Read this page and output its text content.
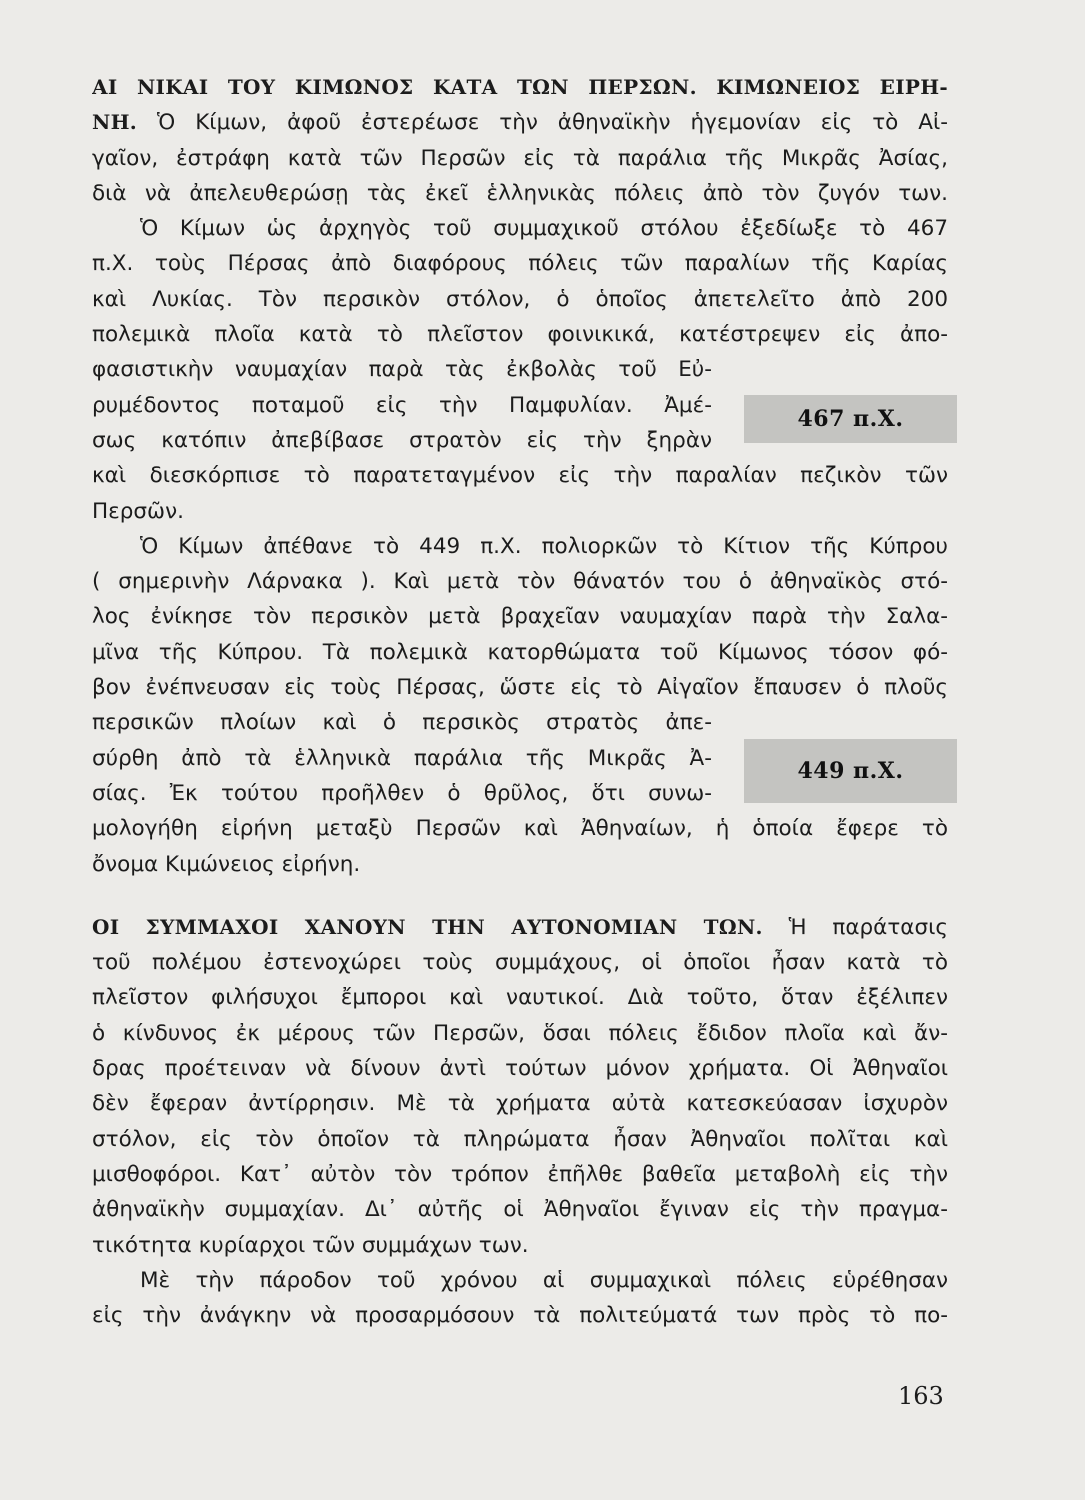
ΑΙ ΝΙΚΑΙ ΤΟΥ ΚΙΜΩΝΟΣ ΚΑΤΑ ΤΩΝ ΠΕΡΣΩΝ. ΚΙΜΩΝΕΙΟΣ ΕΙΡΗ-
ΝΗ. Ὁ Κίμων, ἀφοῦ ἐστερέωσε τὴν ἀθηναϊκὴν ἡγεμονίαν εἰς τὸ Αἰ-
γαῖον, ἐστράφη κατὰ τῶν Περσῶν εἰς τὰ παράλια τῆς Μικρᾶς Ἀσίας,
διὰ νὰ ἀπελευθερώσῃ τὰς ἐκεῖ ἑλληνικὰς πόλεις ἀπὸ τὸν ζυγόν των.
Ὁ Κίμων ὡς ἀρχηγὸς τοῦ συμμαχικοῦ στόλου ἐξεδίωξε τὸ 467
π.Χ. τοὺς Πέρσας ἀπὸ διαφόρους πόλεις τῶν παραλίων τῆς Καρίας
καὶ Λυκίας. Τὸν περσικὸν στόλον, ὁ ὁποῖος ἀπετελεῖτο ἀπὸ 200
πολεμικὰ πλοῖα κατὰ τὸ πλεῖστον φοινικικά, κατέστρεψεν εἰς ἀπο-
φασιστικὴν ναυμαχίαν παρὰ τὰς ἐκβολὰς τοῦ Εὐ-
ρυμέδοντος ποταμοῦ εἰς τὴν Παμφυλίαν. Ἀμέ-
σως κατόπιν ἀπεβίβασε στρατὸν εἰς τὴν ξηρὰν
καὶ διεσκόρπισε τὸ παρατεταγμένον εἰς τὴν παραλίαν πεζικὸν τῶν
Περσῶν.
Ὁ Κίμων ἀπέθανε τὸ 449 π.Χ. πολιορκῶν τὸ Κίτιον τῆς Κύπρου
( σημερινὴν Λάρνακα ). Καὶ μετὰ τὸν θάνατόν του ὁ ἀθηναϊκὸς στό-
λος ἐνίκησε τὸν περσικὸν μετὰ βραχεῖαν ναυμαχίαν παρὰ τὴν Σαλα-
μῖνα τῆς Κύπρου. Τὰ πολεμικὰ κατορθώματα τοῦ Κίμωνος τόσον φό-
βον ἐνέπνευσαν εἰς τοὺς Πέρσας, ὥστε εἰς τὸ Αἰγαῖον ἔπαυσεν ὁ πλοῦς
περσικῶν πλοίων καὶ ὁ περσικὸς στρατὸς ἀπε-
σύρθη ἀπὸ τὰ ἑλληνικὰ παράλια τῆς Μικρᾶς Ἀ-
σίας. Ἐκ τούτου προῆλθεν ὁ θρῦλος, ὅτι συνω-
μολογήθη εἰρήνη μεταξὺ Περσῶν καὶ Ἀθηναίων, ἡ ὁποία ἔφερε τὸ
ὄνομα Κιμώνειος εἰρήνη.
ΟΙ ΣΥΜΜΑΧΟΙ ΧΑΝΟΥΝ ΤΗΝ ΑΥΤΟΝΟΜΙΑΝ ΤΩΝ. Ἡ παράτασις
τοῦ πολέμου ἐστενοχώρει τοὺς συμμάχους, οἱ ὁποῖοι ἦσαν κατὰ τὸ
πλεῖστον φιλήσυχοι ἔμποροι καὶ ναυτικοί. Διὰ τοῦτο, ὅταν ἐξέλιπεν
ὁ κίνδυνος ἐκ μέρους τῶν Περσῶν, ὅσαι πόλεις ἔδιδον πλοῖα καὶ ἄν-
δρας προέτειναν νὰ δίνουν ἀντὶ τούτων μόνον χρήματα. Οἱ Ἀθηναῖοι
δὲν ἔφεραν ἀντίρρησιν. Μὲ τὰ χρήματα αὐτὰ κατεσκεύασαν ἰσχυρὸν
στόλον, εἰς τὸν ὁποῖον τὰ πληρώματα ἦσαν Ἀθηναῖοι πολῖται καὶ
μισθοφόροι. Κατ᾽ αὐτὸν τὸν τρόπον ἐπῆλθε βαθεῖα μεταβολὴ εἰς τὴν
ἀθηναϊκὴν συμμαχίαν. Δι᾽ αὐτῆς οἱ Ἀθηναῖοι ἔγιναν εἰς τὴν πραγμα-
τικότητα κυρίαρχοι τῶν συμμάχων των.
Μὲ τὴν πάροδον τοῦ χρόνου αἱ συμμαχικαὶ πόλεις εὑρέθησαν
εἰς τὴν ἀνάγκην νὰ προσαρμόσουν τὰ πολιτεύματά των πρὸς τὸ πο-
467 π.Χ.
449 π.Χ.
163
